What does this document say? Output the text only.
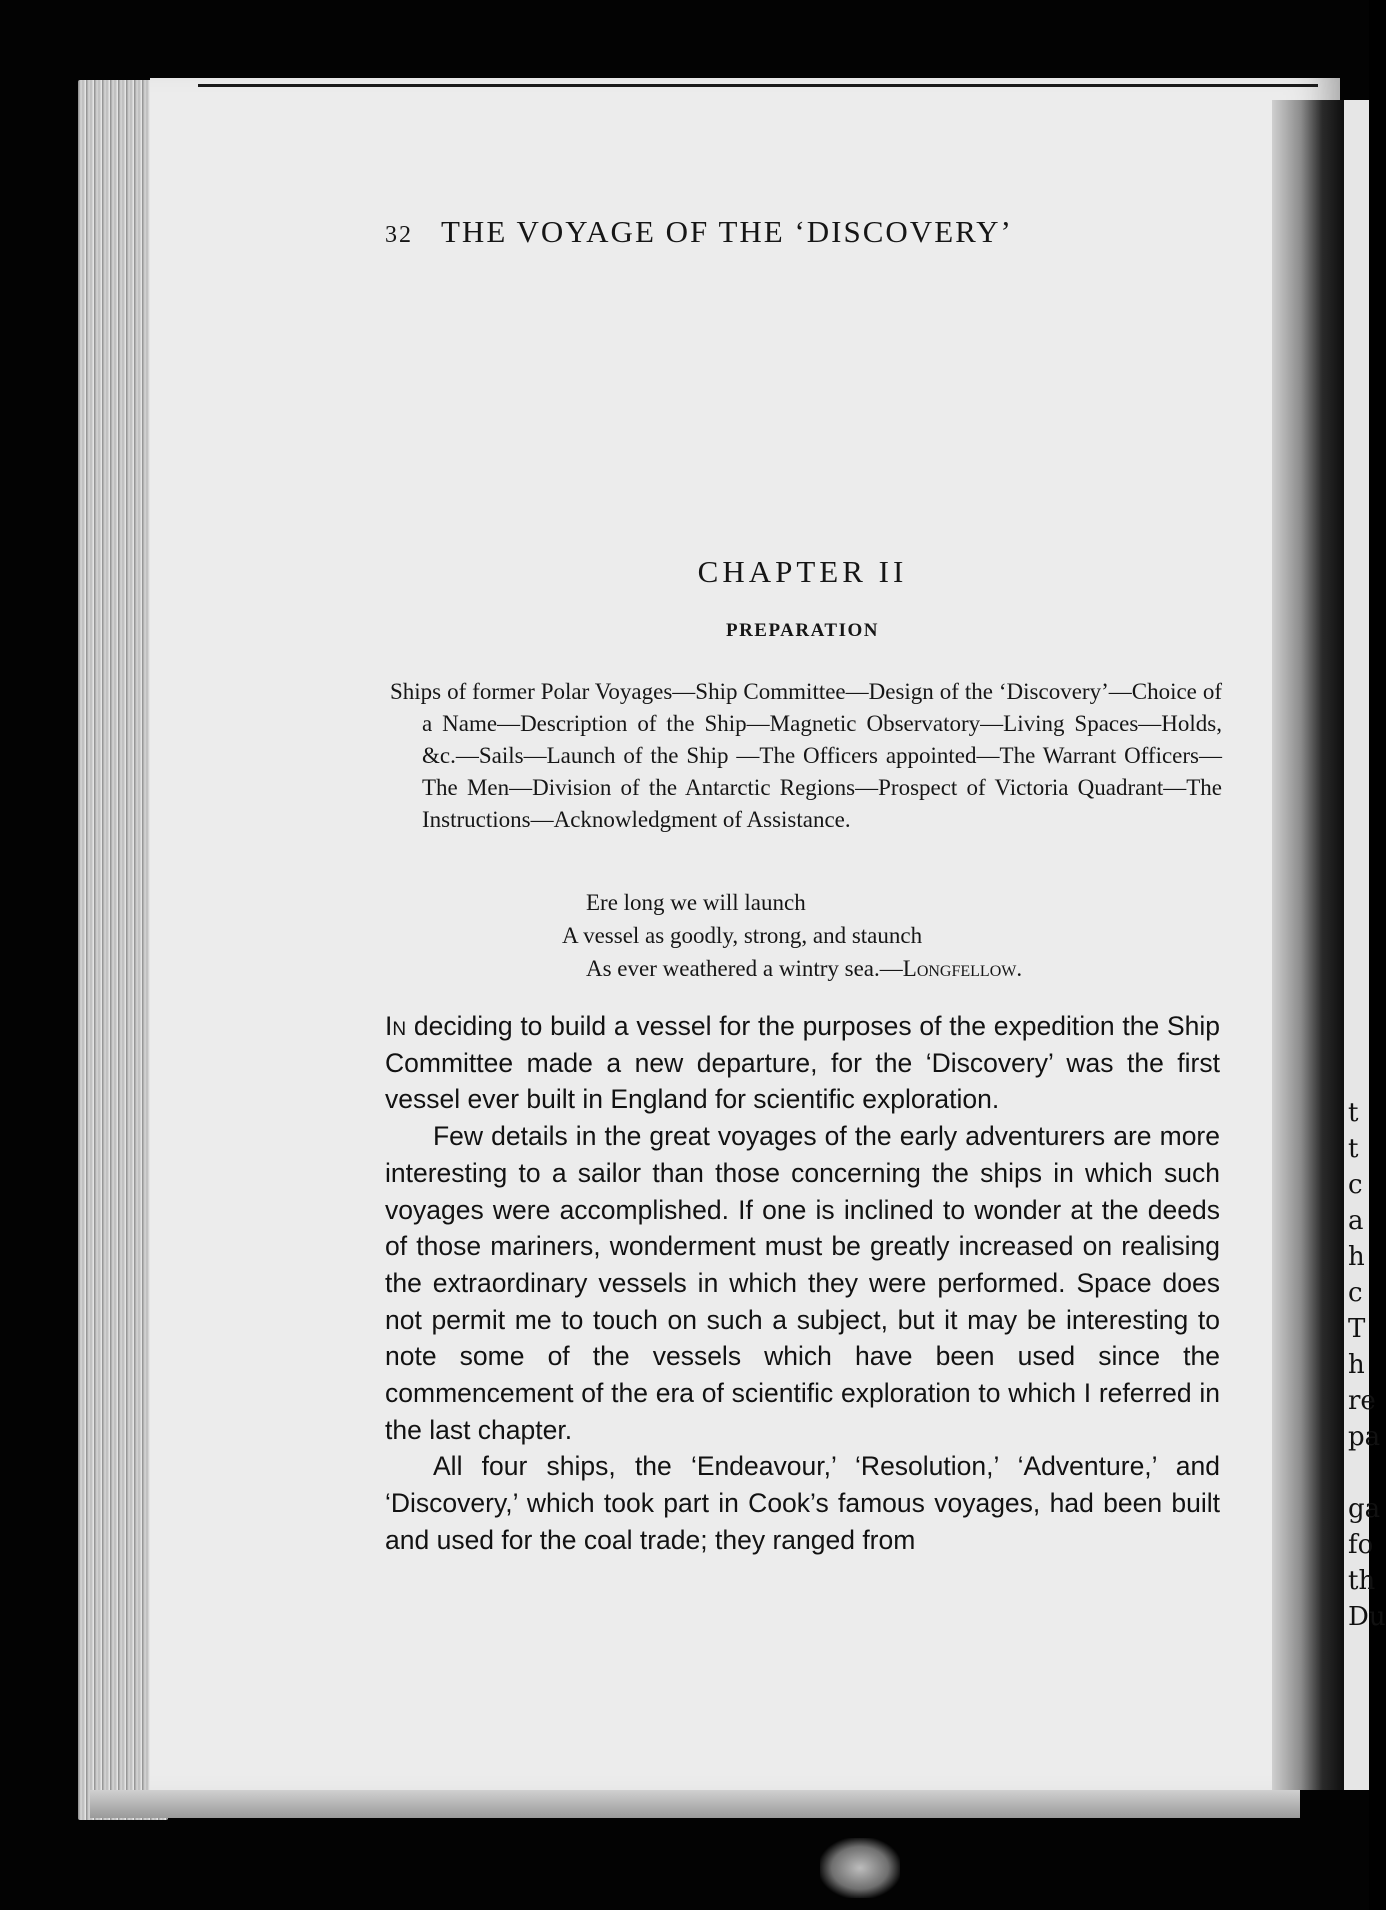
t
t
c
a
h
c
T
h
re
pa
ga
fo
th
Du
32 THE VOYAGE OF THE ‘DISCOVERY’
CHAPTER II
PREPARATION
Ships of former Polar Voyages—Ship Committee—Design of the ‘Discovery’—Choice of a Name—Description of the Ship—Magnetic Observatory—Living Spaces—Holds, &c.—Sails—Launch of the Ship —The Officers appointed—The Warrant Officers—The Men—Division of the Antarctic Regions—Prospect of Victoria Quadrant—The Instructions—Acknowledgment of Assistance.
Ere long we will launch
A vessel as goodly, strong, and staunch
As ever weathered a wintry sea.—Longfellow.

In deciding to build a vessel for the purposes of the expedition the Ship Committee made a new departure, for the ‘Discovery’ was the first vessel ever built in England for scientific exploration.

Few details in the great voyages of the early adventurers are more interesting to a sailor than those concerning the ships in which such voyages were accomplished. If one is inclined to wonder at the deeds of those mariners, wonderment must be greatly increased on realising the extraordinary vessels in which they were performed. Space does not permit me to touch on such a subject, but it may be interesting to note some of the vessels which have been used since the commencement of the era of scientific exploration to which I referred in the last chapter.

All four ships, the ‘Endeavour,’ ‘Resolution,’ ‘Adventure,’ and ‘Discovery,’ which took part in Cook’s famous voyages, had been built and used for the coal trade; they ranged from
